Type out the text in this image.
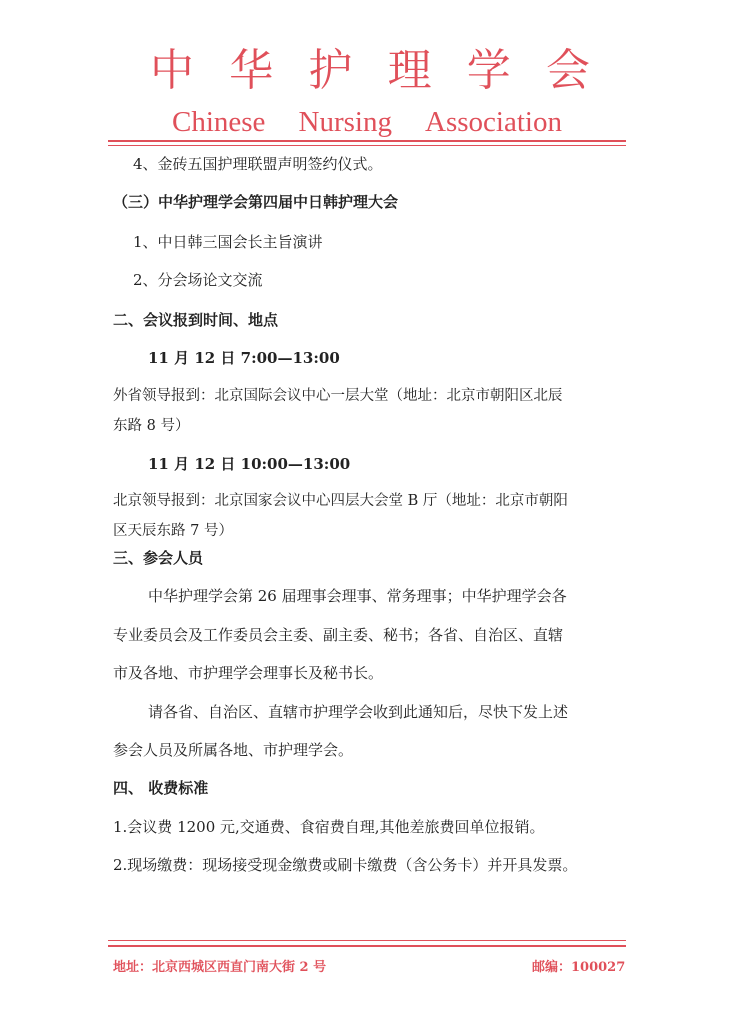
中 华 护 理 学 会
Chinese Nursing Association
4、金砖五国护理联盟声明签约仪式。
（三）中华护理学会第四届中日韩护理大会
1、中日韩三国会长主旨演讲
2、分会场论文交流
二、会议报到时间、地点
11 月 12 日 7:00—13:00
外省领导报到：北京国际会议中心一层大堂（地址：北京市朝阳区北辰
东路 8 号）
11 月 12 日 10:00—13:00
北京领导报到：北京国家会议中心四层大会堂 B 厅（地址：北京市朝阳
区天辰东路 7 号）
三、参会人员
中华护理学会第 26 届理事会理事、常务理事；中华护理学会各
专业委员会及工作委员会主委、副主委、秘书；各省、自治区、直辖
市及各地、市护理学会理事长及秘书长。
请各省、自治区、直辖市护理学会收到此通知后，尽快下发上述
参会人员及所属各地、市护理学会。
四、 收费标准
1.会议费 1200 元,交通费、食宿费自理,其他差旅费回单位报销。
2.现场缴费：现场接受现金缴费或刷卡缴费（含公务卡）并开具发票。
地址：北京西城区西直门南大街 2 号	邮编：100027
